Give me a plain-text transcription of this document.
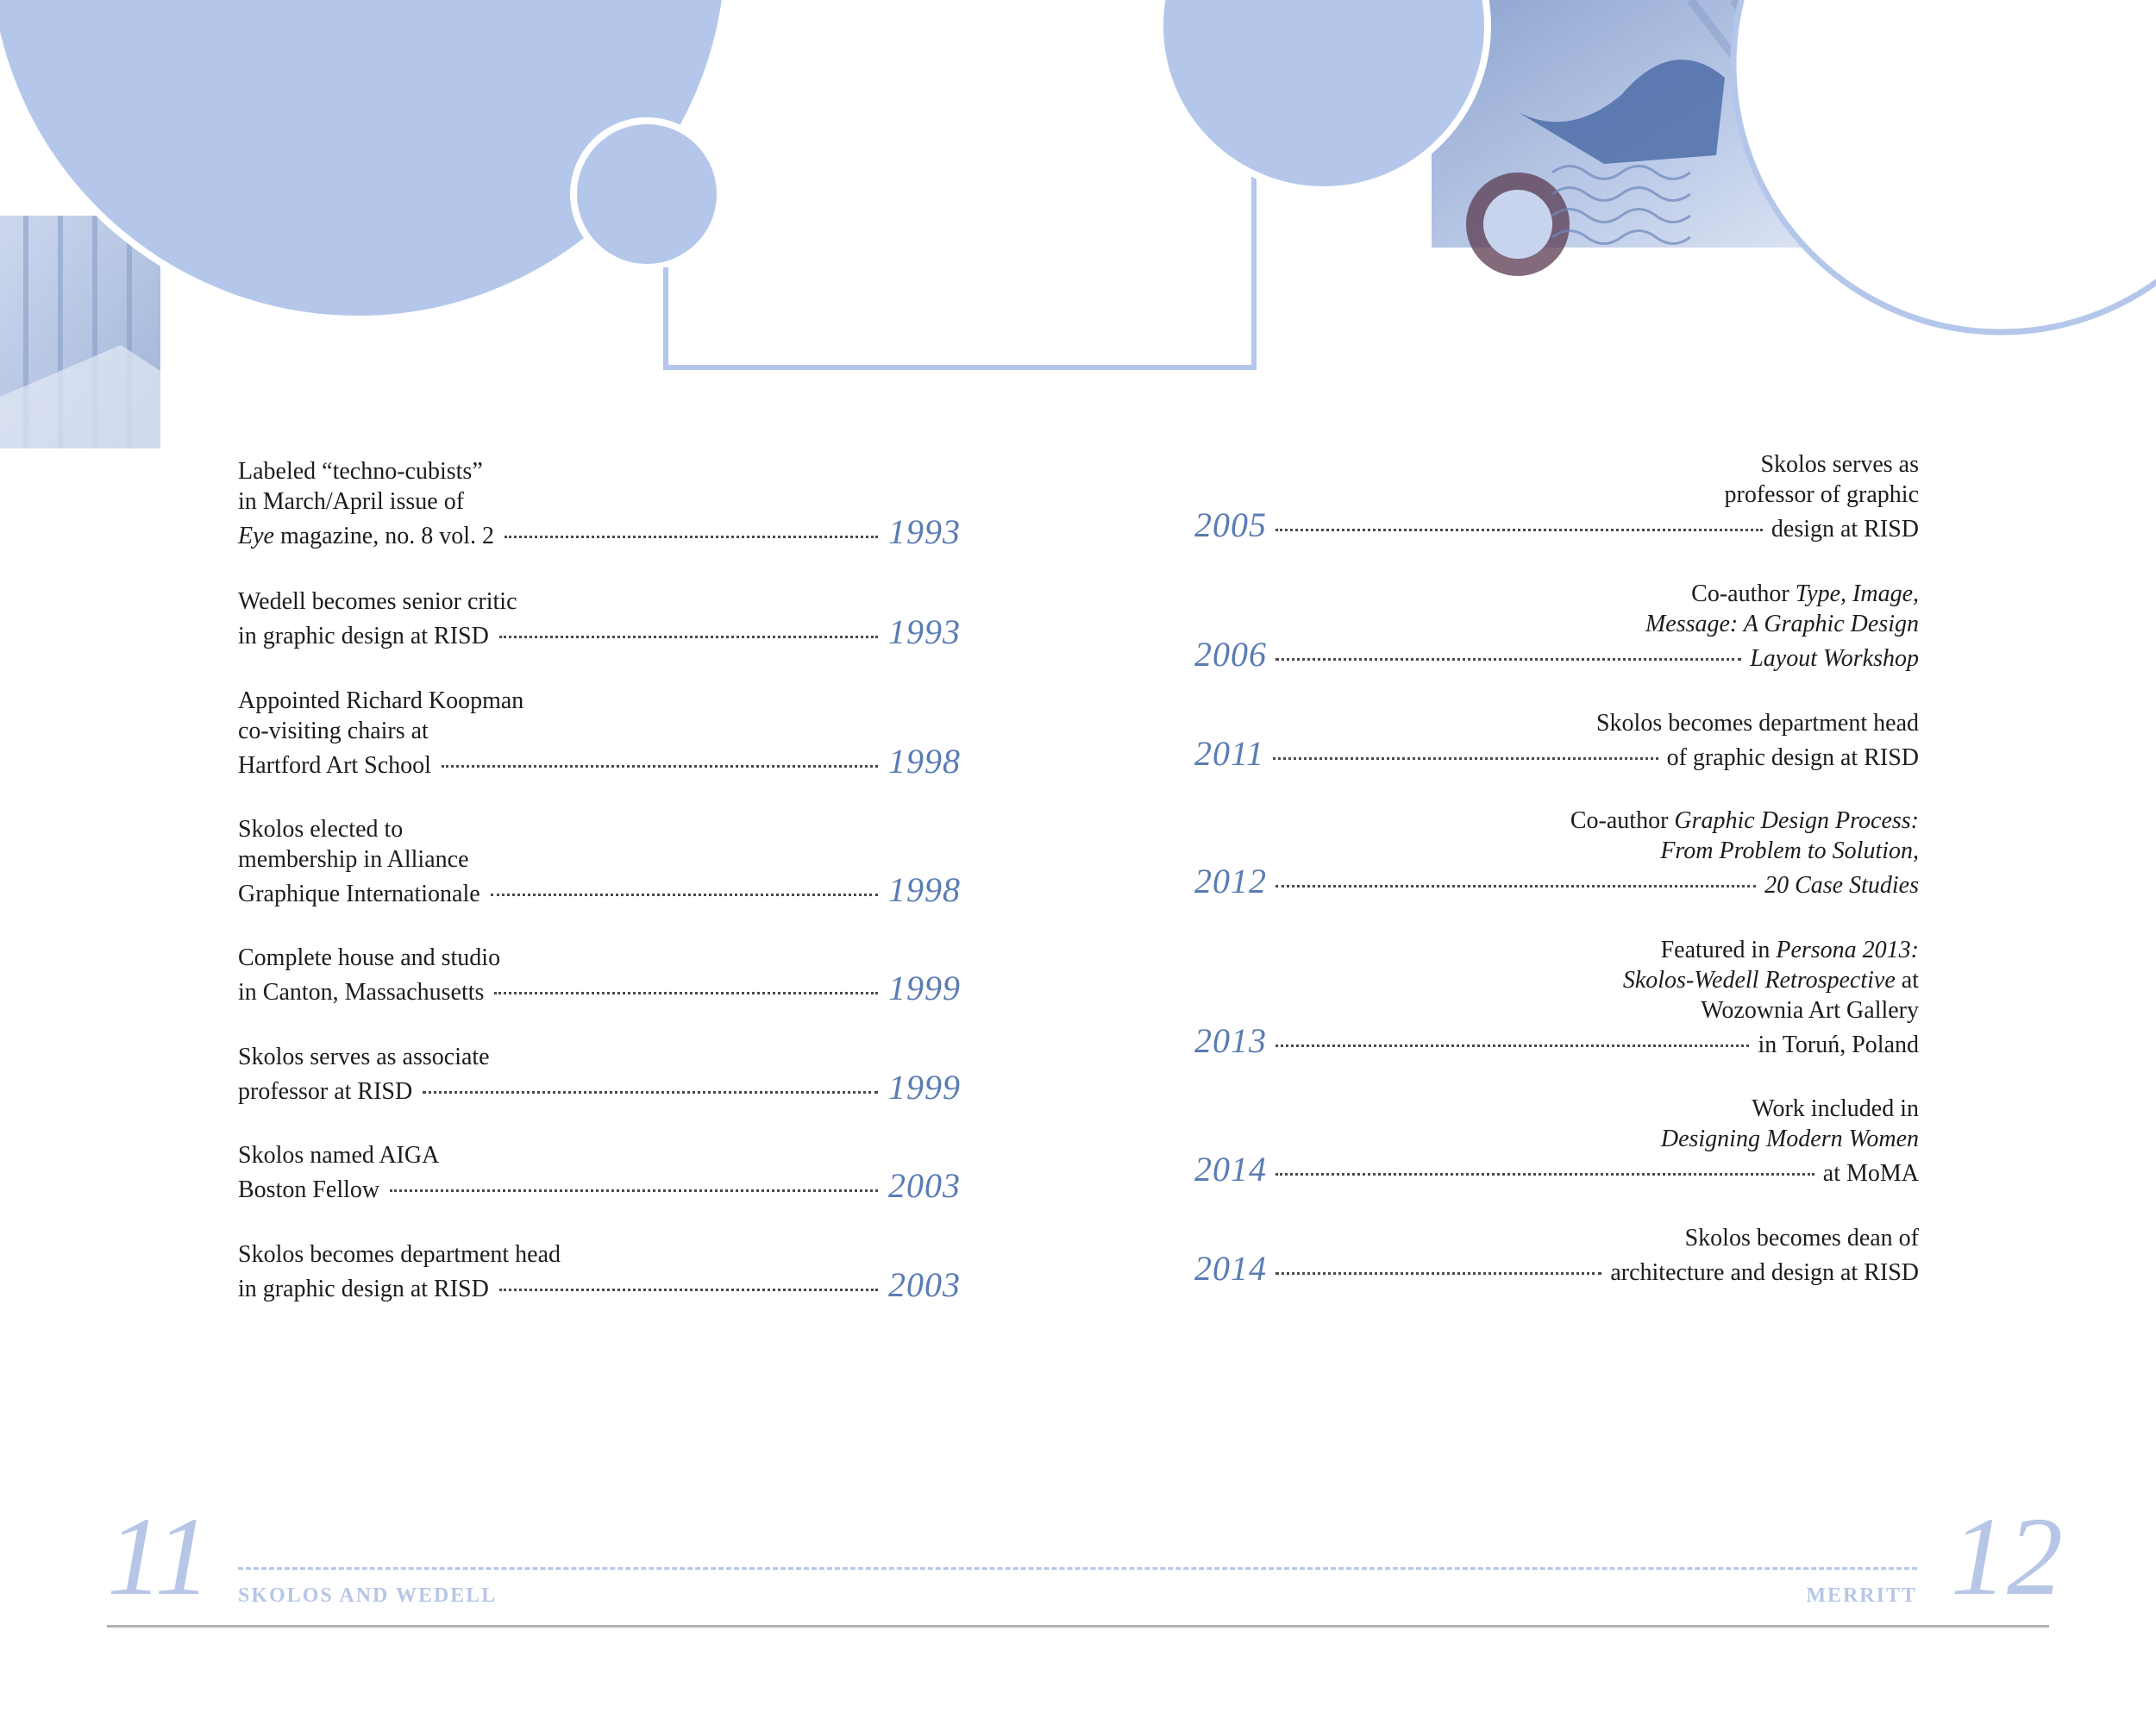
Labeled “techno-cubists”
in March/April issue of
Eye magazine, no. 8 vol. 2	1993
Wedell becomes senior critic
in graphic design at RISD	1993
Appointed Richard Koopman
co-visiting chairs at
Hartford Art School	1998
Skolos elected to
membership in Alliance
Graphique Internationale	1998
Complete house and studio
in Canton, Massachusetts	1999
Skolos serves as associate
professor at RISD	1999
Skolos named AIGA
Boston Fellow	2003
Skolos becomes department head
in graphic design at RISD	2003
Skolos serves as
professor of graphic
2005	design at RISD
Co-author Type, Image,
Message: A Graphic Design
2006	Layout Workshop
Skolos becomes department head
2011	of graphic design at RISD
Co-author Graphic Design Process:
From Problem to Solution,
2012	20 Case Studies
Featured in Persona 2013:
Skolos-Wedell Retrospective at
Wozownia Art Gallery
2013	in Toruń, Poland
Work included in
Designing Modern Women
2014	at MoMA
Skolos becomes dean of
2014	architecture and design at RISD
11	12
SKOLOS AND WEDELL	MERRITT
